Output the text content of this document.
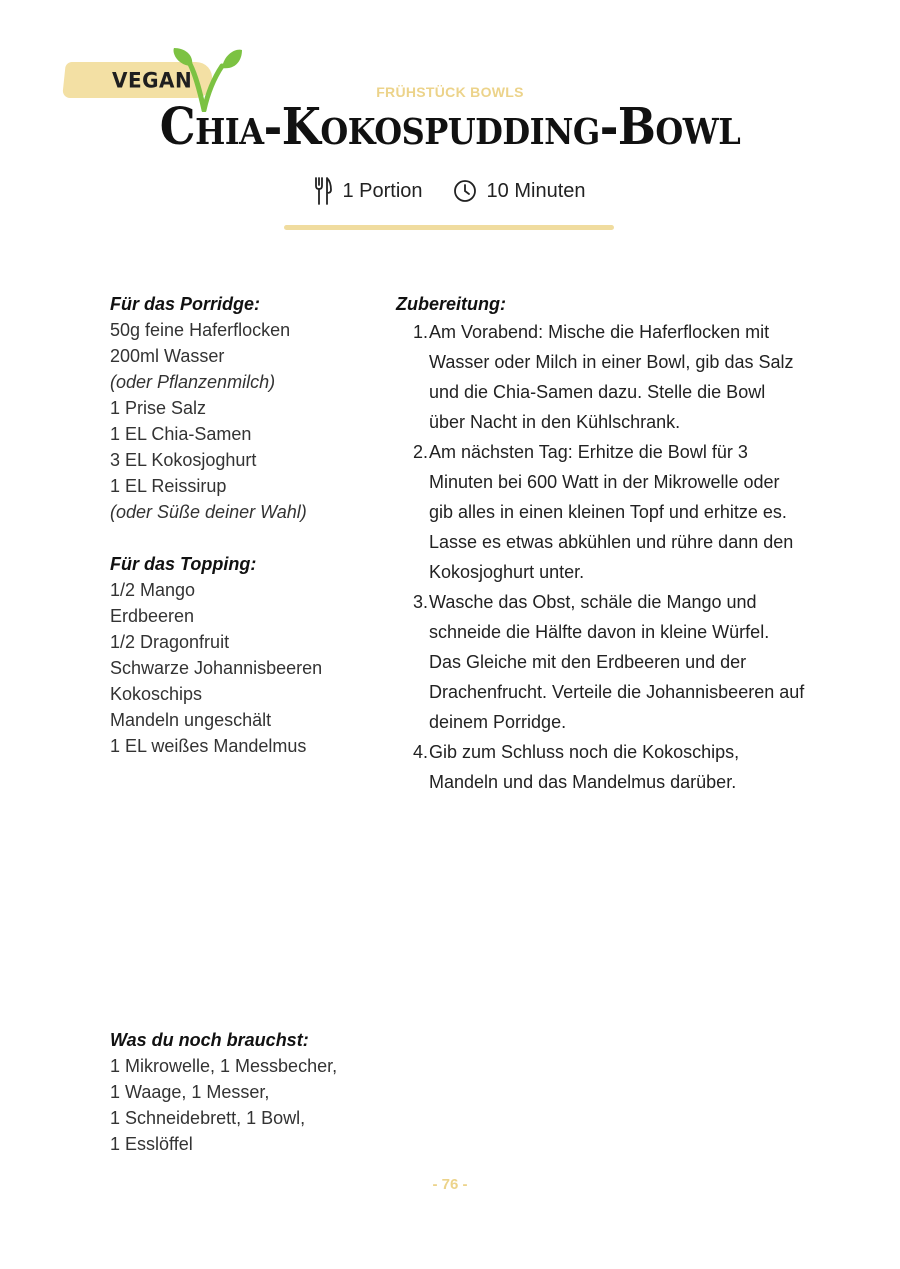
VEGAN	FRÜHSTÜCK BOWLS
Chia-Kokospudding-Bowl
1 Portion	10 Minuten
Für das Porridge:
50g feine Haferflocken
200ml Wasser
(oder Pflanzenmilch)
1 Prise Salz
1 EL Chia-Samen
3 EL Kokosjoghurt
1 EL Reissirup
(oder Süße deiner Wahl)
Für das Topping:
1/2 Mango
Erdbeeren
1/2 Dragonfruit
Schwarze Johannisbeeren
Kokoschips
Mandeln ungeschält
1 EL weißes Mandelmus
Zubereitung:
1. Am Vorabend: Mische die Haferflocken mit Wasser oder Milch in einer Bowl, gib das Salz und die Chia-Samen dazu. Stelle die Bowl über Nacht in den Kühlschrank.
2. Am nächsten Tag: Erhitze die Bowl für 3 Minuten bei 600 Watt in der Mikrowelle oder gib alles in einen kleinen Topf und erhitze es. Lasse es etwas abkühlen und rühre dann den Kokosjoghurt unter.
3. Wasche das Obst, schäle die Mango und schneide die Hälfte davon in kleine Würfel. Das Gleiche mit den Erdbeeren und der Drachenfrucht. Verteile die Johannisbeeren auf deinem Porridge.
4. Gib zum Schluss noch die Kokoschips, Mandeln und das Mandelmus darüber.
Was du noch brauchst:
1 Mikrowelle, 1 Messbecher,
1 Waage, 1 Messer,
1 Schneidebrett, 1 Bowl,
1 Esslöffel
- 76 -
